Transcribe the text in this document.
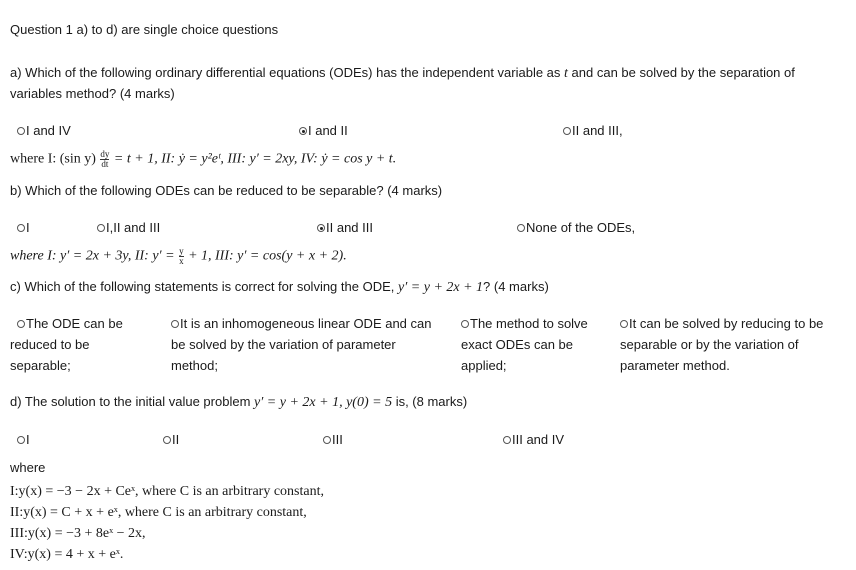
Question 1 a) to d) are single choice questions
a) Which of the following ordinary differential equations (ODEs) has the independent variable as t and can be solved by the separation of
variables method? (4 marks)
I and IV	I and II	II and III,
where I: (sin $y) \frac{dy}{dt} = t + 1$, II: ẏ = y²eᵗ, III: y′ = 2xy, IV: ẏ = cos y + t.
b) Which of the following ODEs can be reduced to be separable? (4 marks)
I	I,II and III	II and III	None of the ODEs,
where I: y′ = 2x + 3y, II: $y' = \frac{y}{x} + 1$, III: y′ = cos(y + x + 2).
c) Which of the following statements is correct for solving the ODE, y′ = y + 2x + 1? (4 marks)
The ODE can be
reduced to be
separable;
It is an inhomogeneous linear ODE and can
be solved by the variation of parameter
method;
The method to solve
exact ODEs can be
applied;
It can be solved by reducing to be
separable or by the variation of
parameter method.
d) The solution to the initial value problem y′ = y + 2x + 1, y(0) = 5 is, (8 marks)
I	II	III	III and IV
where
I:y(x) = −3 − 2x + Ceˣ, where C is an arbitrary constant,
II:y(x) = C + x + eˣ, where C is an arbitrary constant,
III:y(x) = −3 + 8eˣ − 2x,
IV:y(x) = 4 + x + eˣ.
